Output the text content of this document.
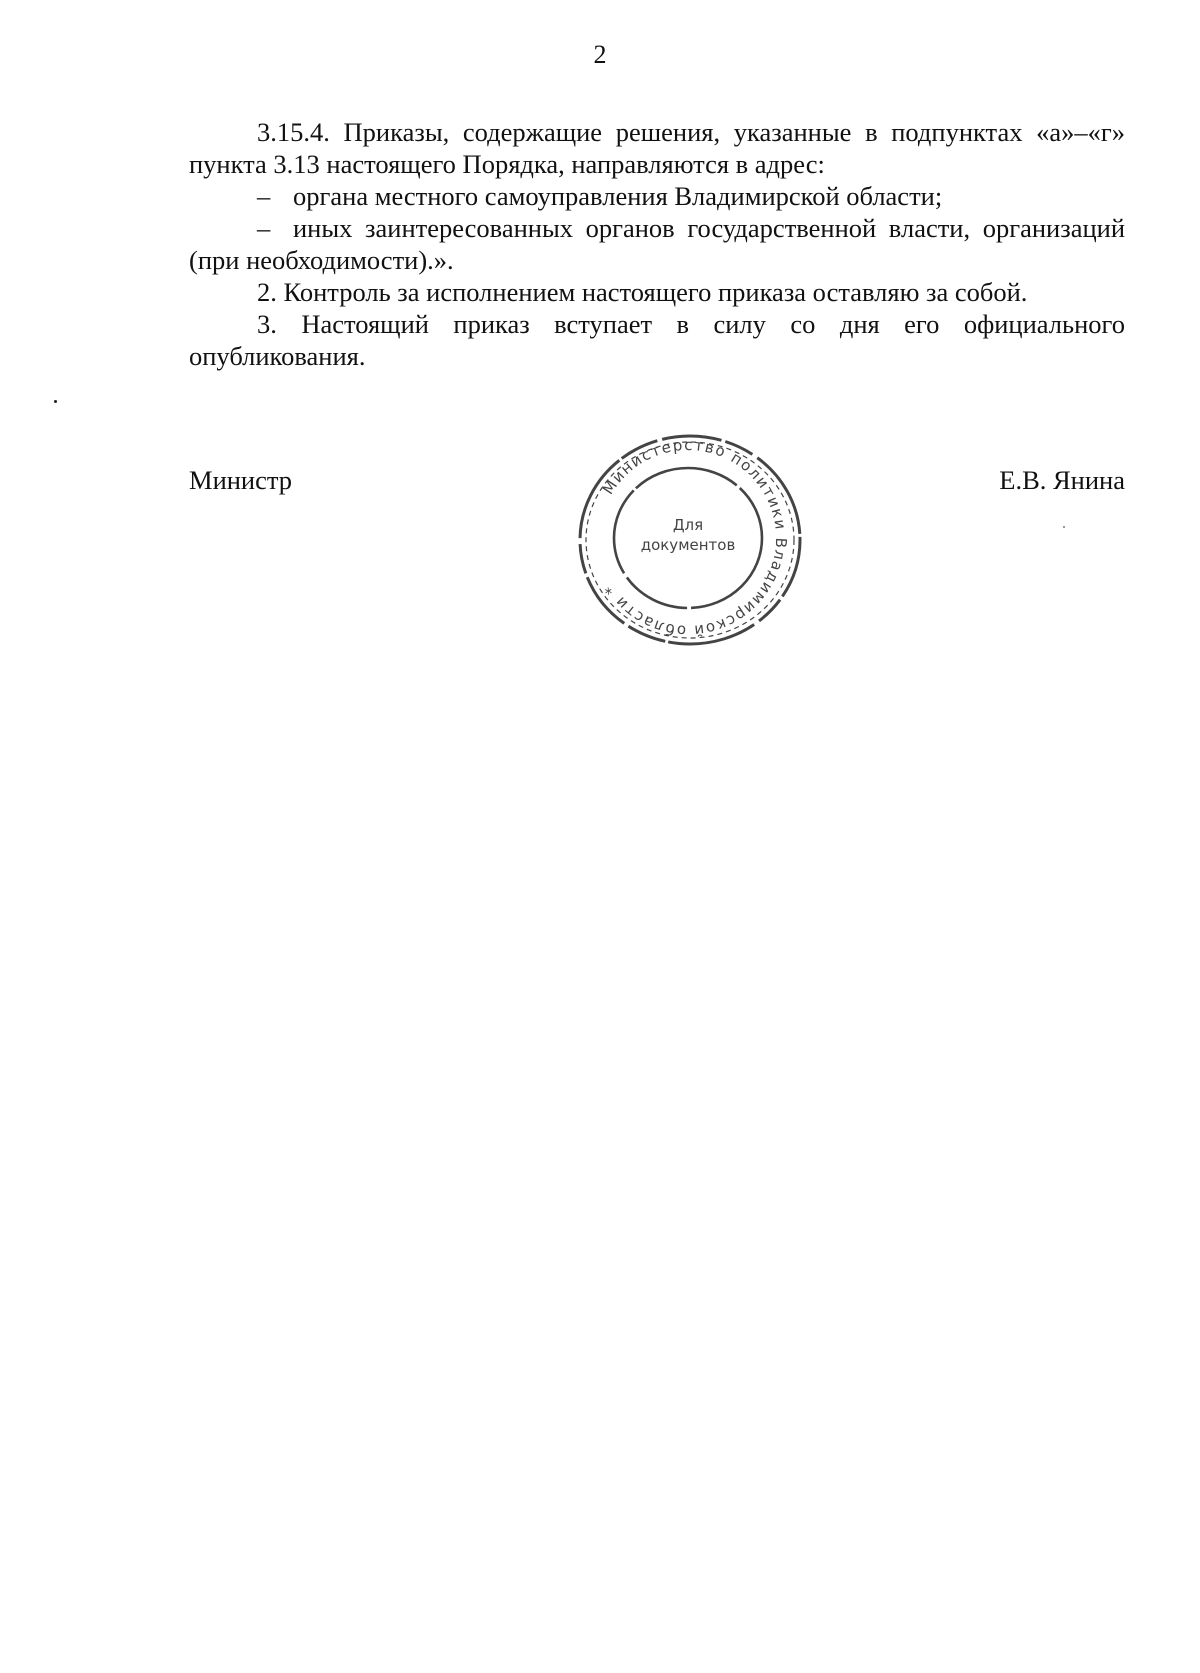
2

3.15.4. Приказы, содержащие решения, указанные в подпунктах «а»–«г» пункта 3.13 настоящего Порядка, направляются в адрес:

– органа местного самоуправления Владимирской области;

– иных заинтересованных органов государственной власти, организаций (при необходимости).».

2. Контроль за исполнением настоящего приказа оставляю за собой.

3. Настоящий приказ вступает в силу со дня его официального опубликования.

Министр	Е.В. Янина
Министерство политики Владимирской области *
Для
документов
